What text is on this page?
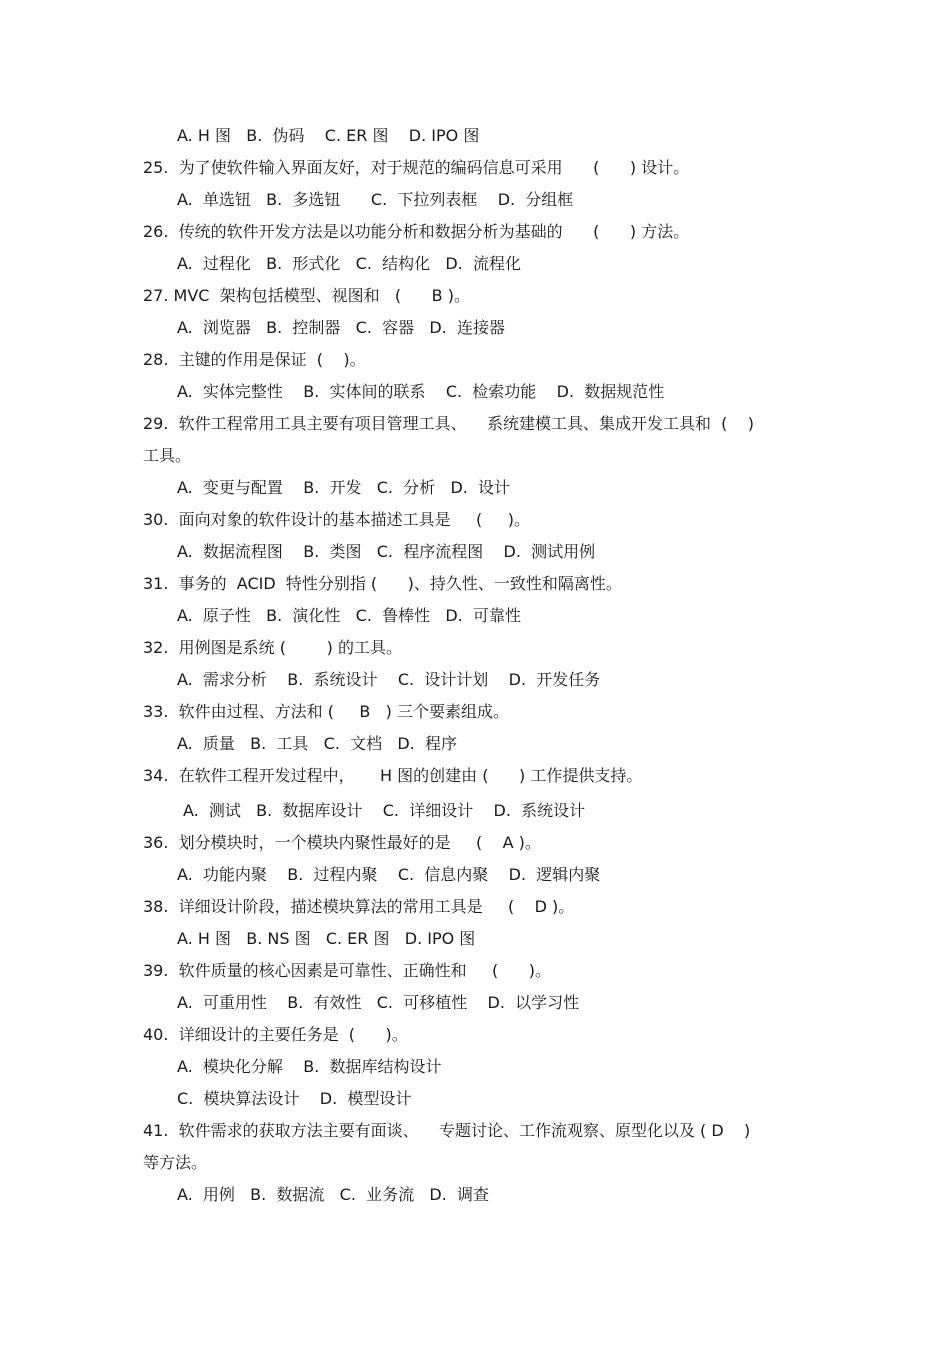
A. H 图   B.  伪码    C. ER 图    D. IPO 图
25.  为了使软件输入界面友好，对于规范的编码信息可采用      (      ) 设计。
A.  单选钮   B.  多选钮      C.  下拉列表框    D.  分组框
26.  传统的软件开发方法是以功能分析和数据分析为基础的      (      ) 方法。
A.  过程化   B.  形式化   C.  结构化   D.  流程化
27. MVC  架构包括模型、视图和   (      B )。
A.  浏览器   B.  控制器   C.  容器   D.  连接器
28.  主键的作用是保证  (    )。
A.  实体完整性    B.  实体间的联系    C.  检索功能    D.  数据规范性
29.  软件工程常用工具主要有项目管理工具、    系统建模工具、集成开发工具和  (    )
工具。
A.  变更与配置    B.  开发   C.  分析   D.  设计
30.  面向对象的软件设计的基本描述工具是     (     )。
A.  数据流程图    B.  类图   C.  程序流程图    D.  测试用例
31.  事务的  ACID  特性分别指 (      )、持久性、一致性和隔离性。
A.  原子性   B.  演化性   C.  鲁棒性   D.  可靠性
32.  用例图是系统 (        ) 的工具。
A.  需求分析    B.  系统设计    C.  设计计划    D.  开发任务
33.  软件由过程、方法和 (     B   ) 三个要素组成。
A.  质量   B.  工具   C.  文档   D.  程序
34.  在软件工程开发过程中，     H 图的创建由 (      ) 工作提供支持。
A.  测试   B.  数据库设计    C.  详细设计    D.  系统设计
36.  划分模块时，一个模块内聚性最好的是     (    A )。
A.  功能内聚    B.  过程内聚    C.  信息内聚    D.  逻辑内聚
38.  详细设计阶段，描述模块算法的常用工具是     (    D )。
A. H 图   B. NS 图   C. ER 图   D. IPO 图
39.  软件质量的核心因素是可靠性、正确性和     (      )。
A.  可重用性    B.  有效性   C.  可移植性    D.  以学习性
40.  详细设计的主要任务是  (      )。
A.  模块化分解    B.  数据库结构设计
C.  模块算法设计    D.  模型设计
41.  软件需求的获取方法主要有面谈、    专题讨论、工作流观察、原型化以及 ( D    )
等方法。
A.  用例   B.  数据流   C.  业务流   D.  调查
